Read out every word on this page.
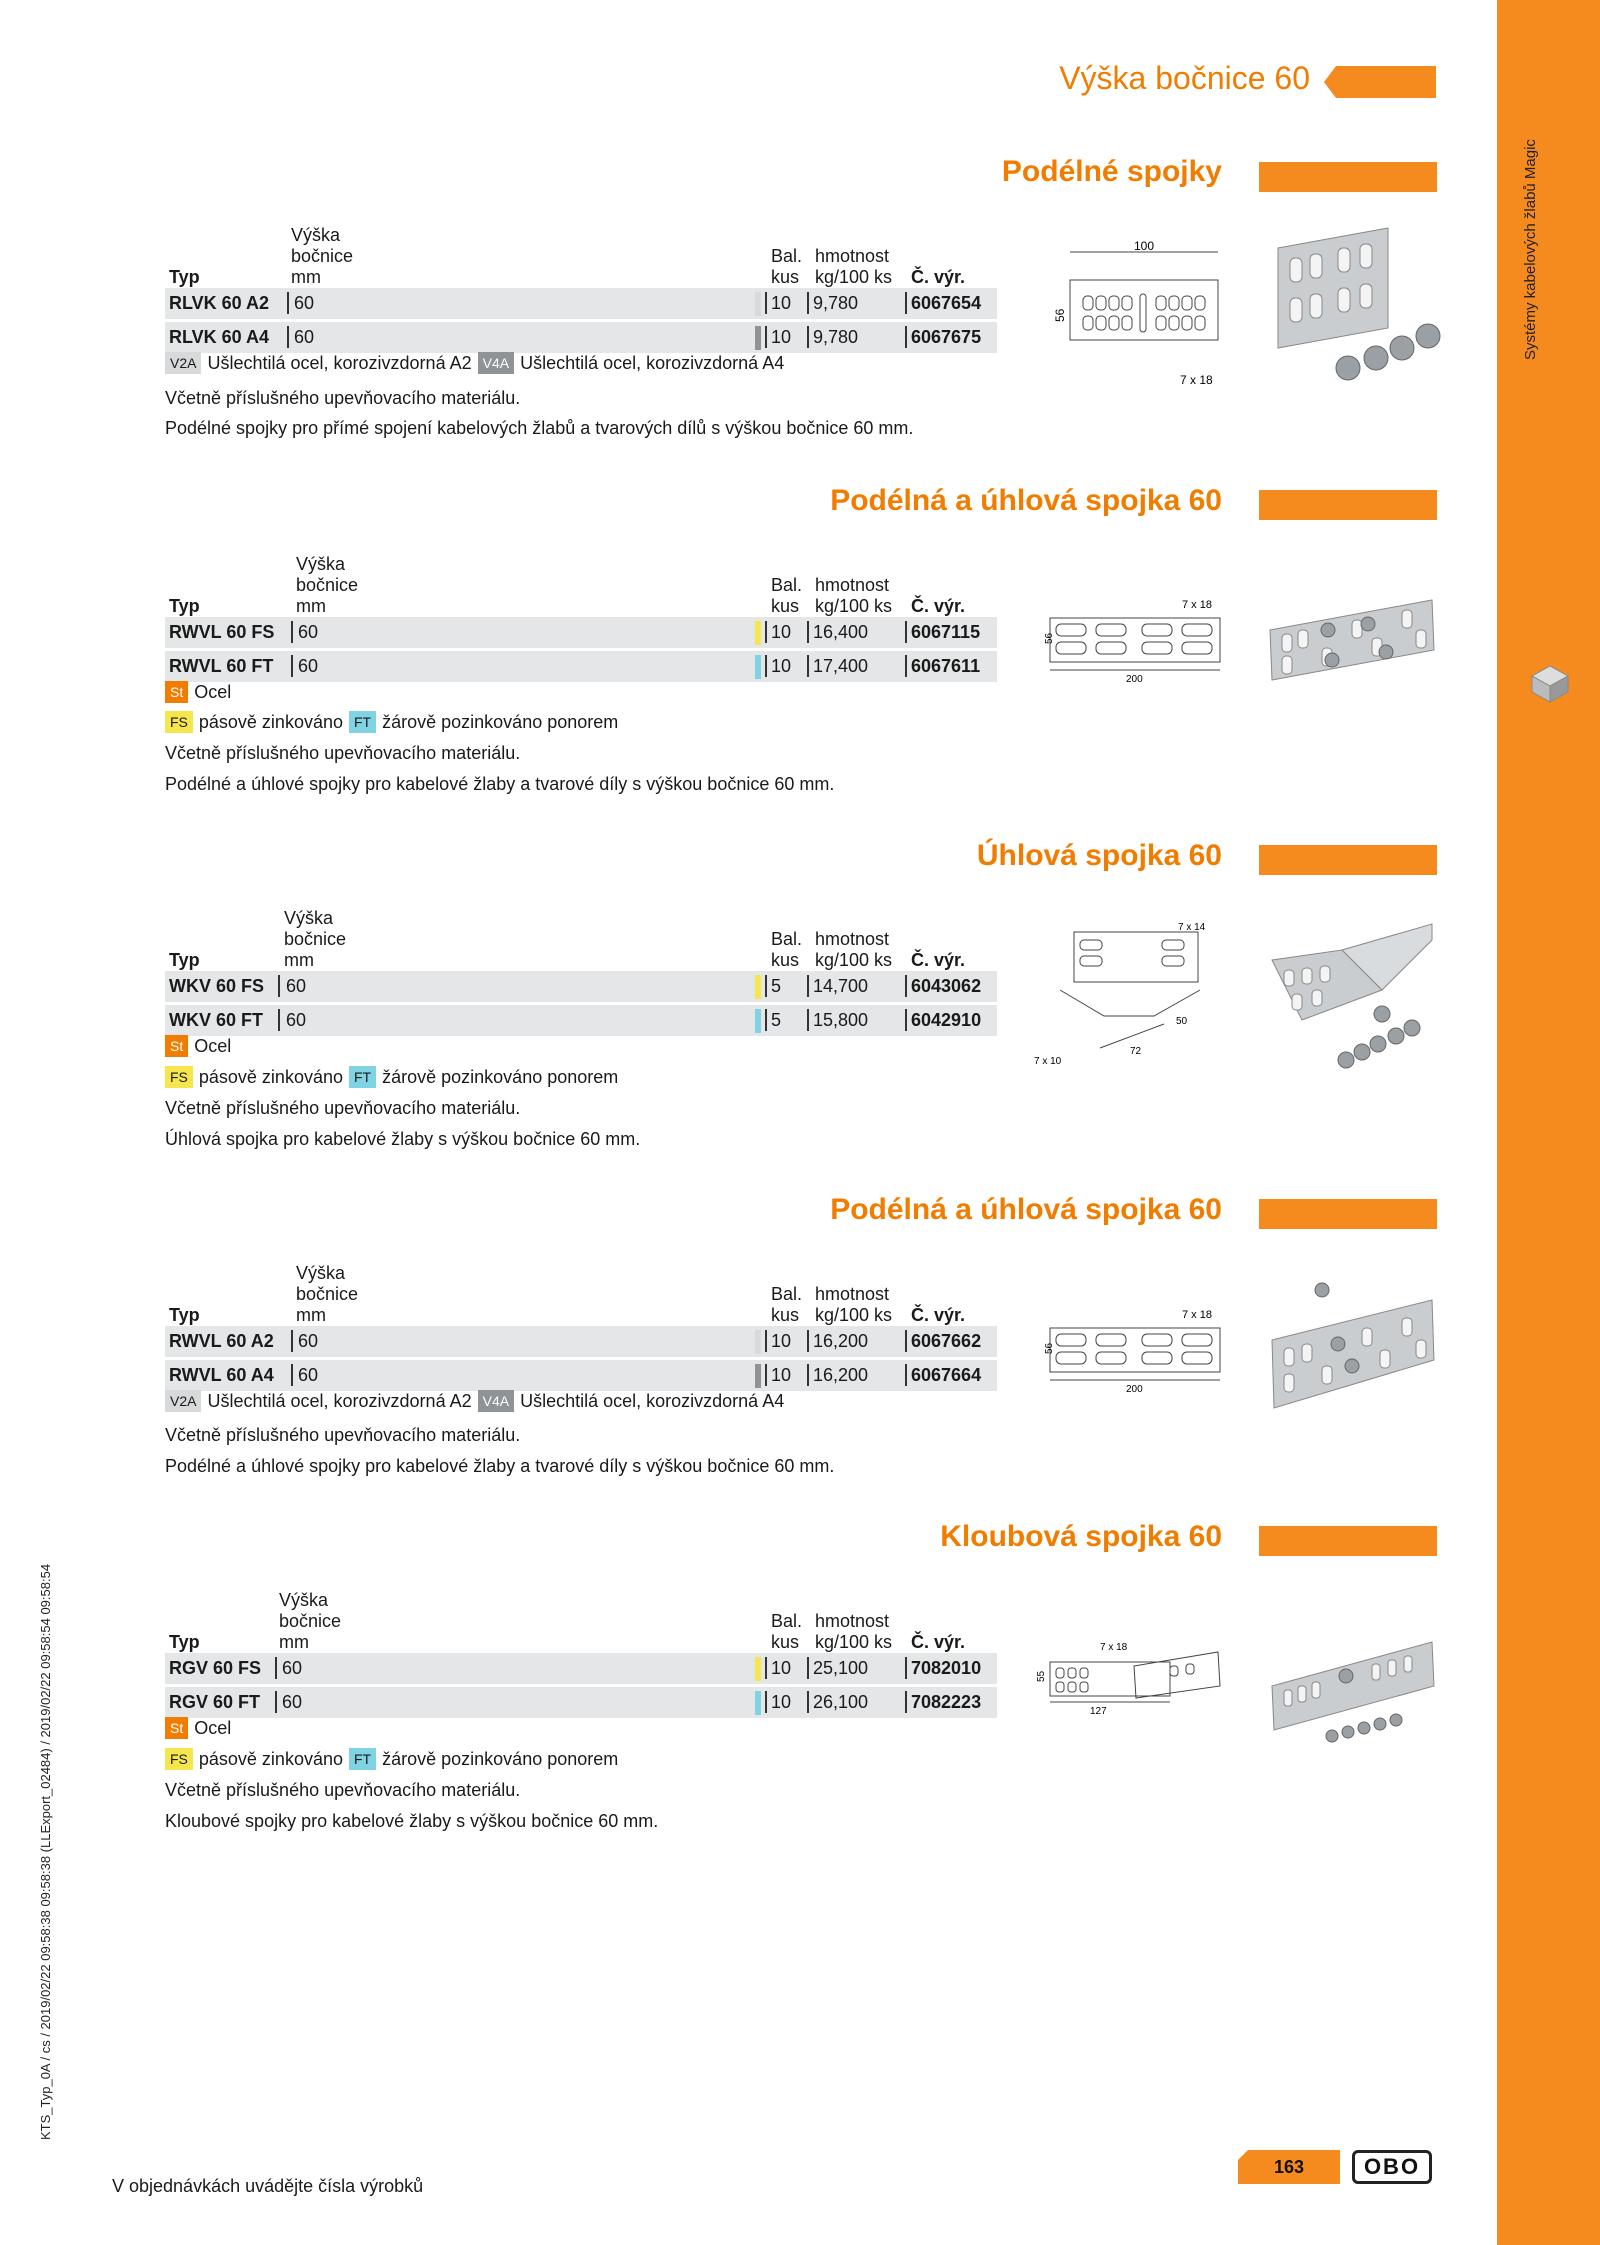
Systémy kabelových žlabů Magic
Výška bočnice 60
Podélné spojky
Typ
Výška
bočnice
mm
Bal.
kus
hmotnost
kg/100 ks Č. výr.
RLVK 60 A2 60	10 9,780	6067654
RLVK 60 A4 60	10 9,780	6067675
V2A Ušlechtilá ocel, korozivzdorná A2 V4A Ušlechtilá ocel, korozivzdorná A4
Včetně příslušného upevňovacího materiálu.
Podélné spojky pro přímé spojení kabelových žlabů a tvarových dílů s výškou bočnice 60 mm.
100
56
7 x 18
Podélná a úhlová spojka 60
Typ
Výška
bočnice
mm
Bal.
kus
hmotnost
kg/100 ks Č. výr.
RWVL 60 FS 60	10 16,400 6067115
RWVL 60 FT 60	10 17,400 6067611
St Ocel
FS pásově zinkováno FT žárově pozinkováno ponorem
Včetně příslušného upevňovacího materiálu.
Podélné a úhlové spojky pro kabelové žlaby a tvarové díly s výškou bočnice 60 mm.
7 x 18
56
200
Úhlová spojka 60
Typ
Výška
bočnice
mm
Bal.
kus
hmotnost
kg/100 ks Č. výr.
WKV 60 FS 60	5 14,700 6043062
WKV 60 FT 60	5 15,800 6042910
St Ocel
FS pásově zinkováno FT žárově pozinkováno ponorem
Včetně příslušného upevňovacího materiálu.
Úhlová spojka pro kabelové žlaby s výškou bočnice 60 mm.
7 x 14
72
50
7 x 10
Podélná a úhlová spojka 60
Typ
Výška
bočnice
mm
Bal.
kus
hmotnost
kg/100 ks Č. výr.
RWVL 60 A2 60	10 16,200 6067662
RWVL 60 A4 60	10 16,200 6067664
V2A Ušlechtilá ocel, korozivzdorná A2 V4A Ušlechtilá ocel, korozivzdorná A4
Včetně příslušného upevňovacího materiálu.
Podélné a úhlové spojky pro kabelové žlaby a tvarové díly s výškou bočnice 60 mm.
7 x 18
56
200
Kloubová spojka 60
Typ
Výška
bočnice
mm
Bal.
kus
hmotnost
kg/100 ks Č. výr.
RGV 60 FS 60	10 25,100 7082010
RGV 60 FT 60	10 26,100 7082223
St Ocel
FS pásově zinkováno FT žárově pozinkováno ponorem
Včetně příslušného upevňovacího materiálu.
Kloubové spojky pro kabelové žlaby s výškou bočnice 60 mm.
7 x 18
55
127
V objednávkách uvádějte čísla výrobků
163	OBO
KTS_Typ_0A / cs / 2019/02/22 09:58:38 09:58:38 (LLExport_02484) / 2019/02/22 09:58:54 09:58:54
